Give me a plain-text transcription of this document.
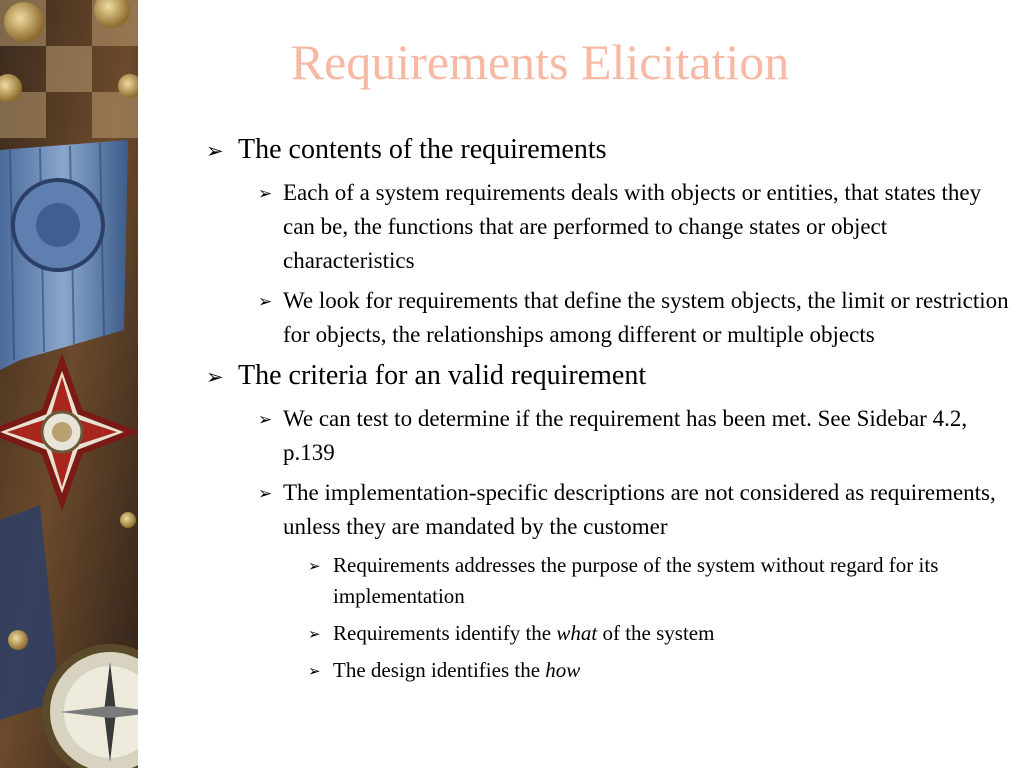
Requirements Elicitation
➢ The contents of the requirements
➢ Each of a system requirements deals with objects or entities, that states they can be, the functions that are performed to change states or object characteristics
➢ We look for requirements that define the system objects, the limit or restriction for objects, the relationships among different or multiple objects
➢ The criteria for an valid requirement
➢ We can test to determine if the requirement has been met. See Sidebar 4.2, p.139
➢ The implementation-specific descriptions are not considered as requirements, unless they are mandated by the customer
➢ Requirements addresses the purpose of the system without regard for its implementation
➢ Requirements identify the what of the system
➢ The design identifies the how
